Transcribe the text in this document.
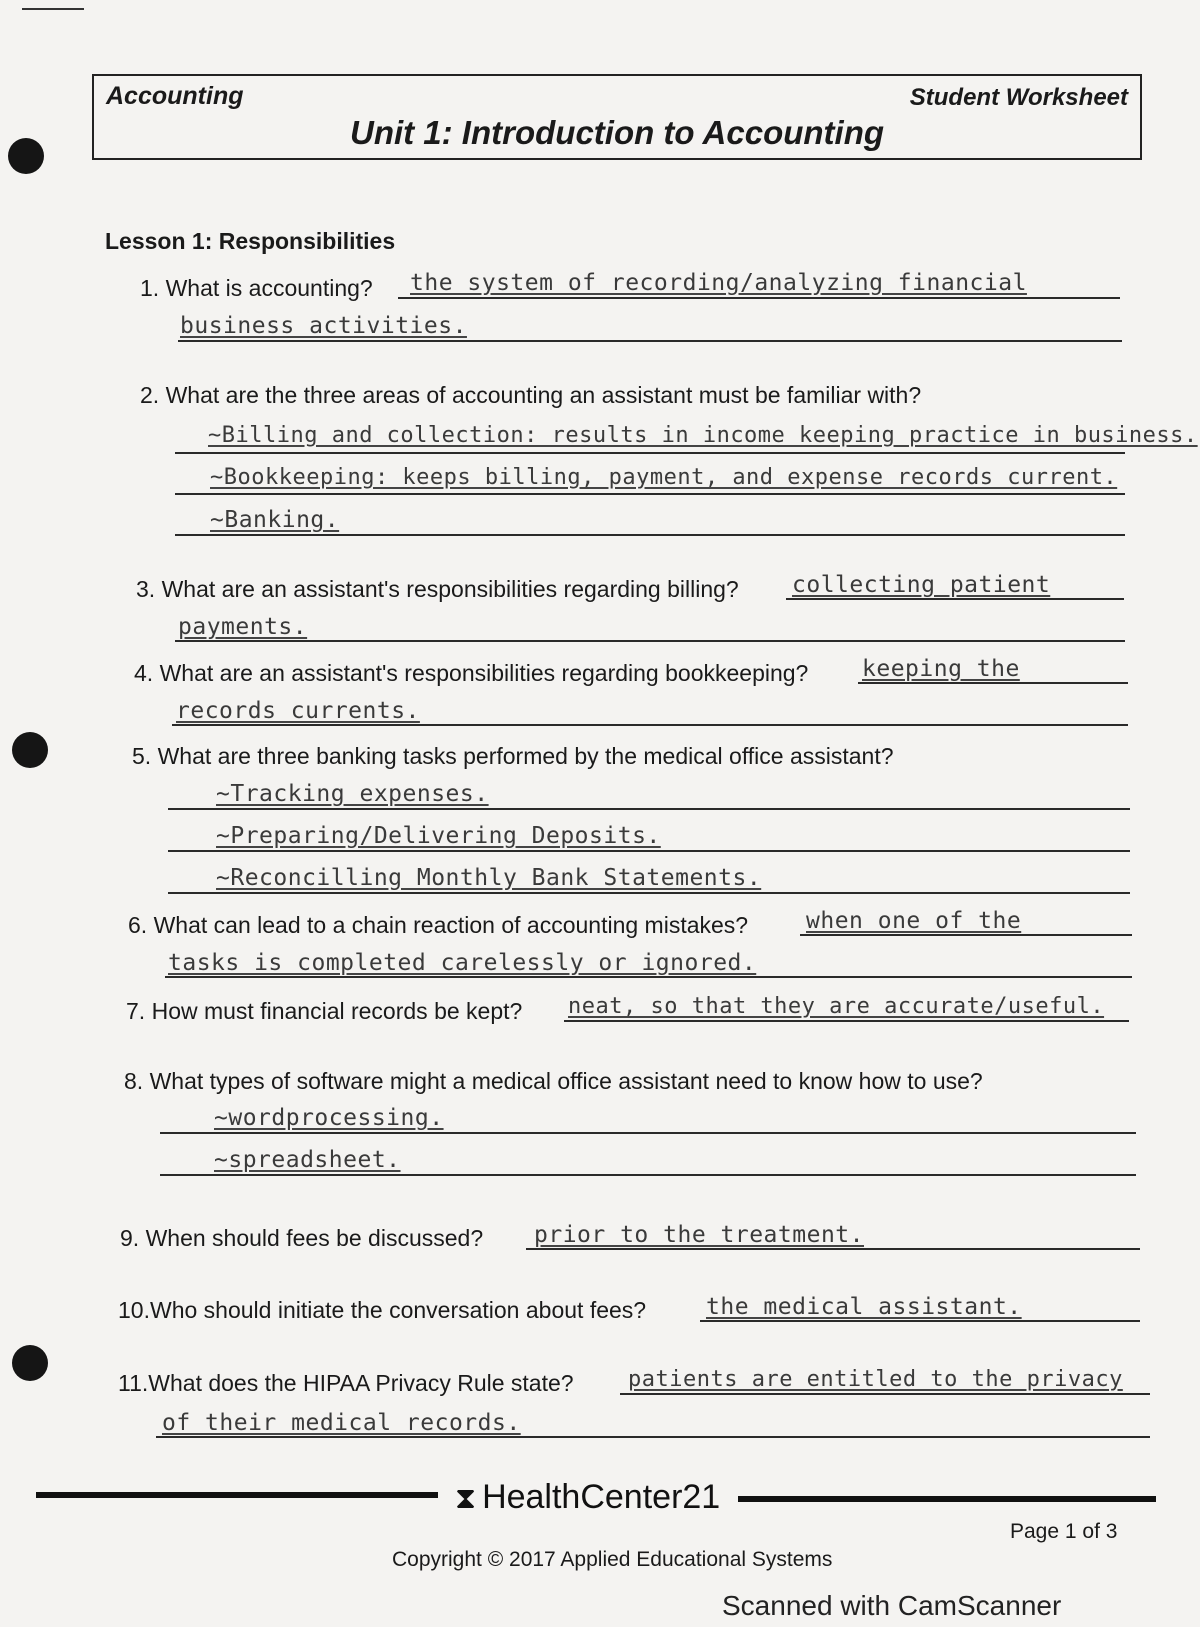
Accounting	Student Worksheet
Unit 1: Introduction to Accounting
Lesson 1: Responsibilities
1. What is accounting? the system of recording/analyzing financial
business activities.
2. What are the three areas of accounting an assistant must be familiar with?
~Billing and collection: results in income keeping practice in business.
~Bookkeeping: keeps billing, payment, and expense records current.
~Banking.
3. What are an assistant's responsibilities regarding billing? collecting patient
payments.
4. What are an assistant's responsibilities regarding bookkeeping? keeping the
records currents.
5. What are three banking tasks performed by the medical office assistant?
~Tracking expenses.
~Preparing/Delivering Deposits.
~Reconcilling Monthly Bank Statements.
6. What can lead to a chain reaction of accounting mistakes?	when one of the
tasks is completed carelessly or ignored.
7. How must financial records be kept? neat, so that they are accurate/useful.
8. What types of software might a medical office assistant need to know how to use?
~wordprocessing.
~spreadsheet.
9. When should fees be discussed? prior to the treatment.
10.Who should initiate the conversation about fees?	the medical assistant.
11.What does the HIPAA Privacy Rule state? patients are entitled to the privacy
of their medical records.
⧗ HealthCenter21
Page 1 of 3
Copyright © 2017 Applied Educational Systems
Scanned with CamScanner
